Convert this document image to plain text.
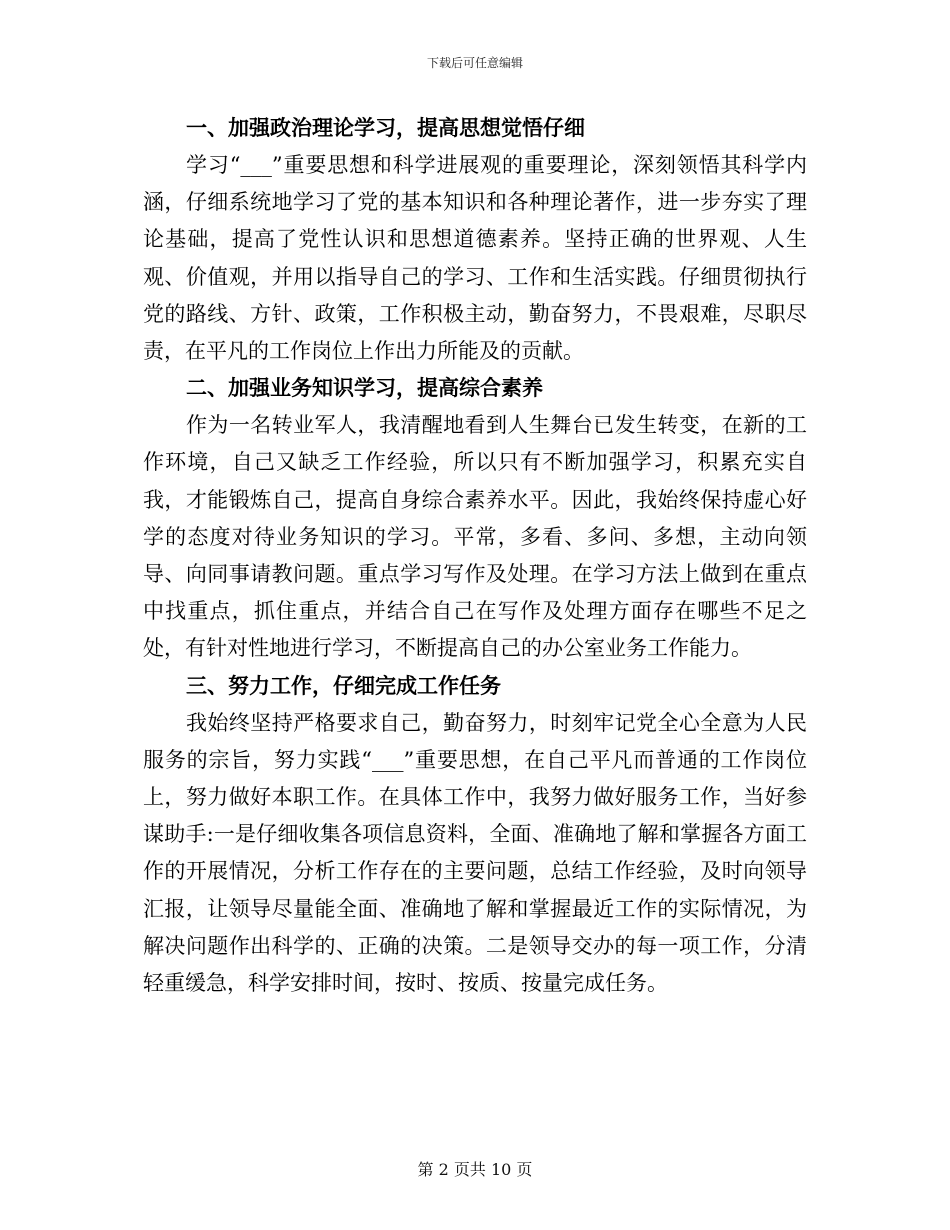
下载后可任意编辑

一、加强政治理论学习，提高思想觉悟仔细

学习“___”重要思想和科学进展观的重要理论，深刻领悟其科学内涵，仔细系统地学习了党的基本知识和各种理论著作，进一步夯实了理论基础，提高了党性认识和思想道德素养。坚持正确的世界观、人生观、价值观，并用以指导自己的学习、工作和生活实践。仔细贯彻执行党的路线、方针、政策，工作积极主动，勤奋努力，不畏艰难，尽职尽责，在平凡的工作岗位上作出力所能及的贡献。

二、加强业务知识学习，提高综合素养

作为一名转业军人，我清醒地看到人生舞台已发生转变，在新的工作环境，自己又缺乏工作经验，所以只有不断加强学习，积累充实自我，才能锻炼自己，提高自身综合素养水平。因此，我始终保持虚心好学的态度对待业务知识的学习。平常，多看、多问、多想，主动向领导、向同事请教问题。重点学习写作及处理。在学习方法上做到在重点中找重点，抓住重点，并结合自己在写作及处理方面存在哪些不足之处，有针对性地进行学习，不断提高自己的办公室业务工作能力。

三、努力工作，仔细完成工作任务

我始终坚持严格要求自己，勤奋努力，时刻牢记党全心全意为人民服务的宗旨，努力实践“___”重要思想，在自己平凡而普通的工作岗位上，努力做好本职工作。在具体工作中，我努力做好服务工作，当好参谋助手:一是仔细收集各项信息资料，全面、准确地了解和掌握各方面工作的开展情况，分析工作存在的主要问题，总结工作经验，及时向领导汇报，让领导尽量能全面、准确地了解和掌握最近工作的实际情况，为解决问题作出科学的、正确的决策。二是领导交办的每一项工作，分清轻重缓急，科学安排时间，按时、按质、按量完成任务。

第 2 页共 10 页
